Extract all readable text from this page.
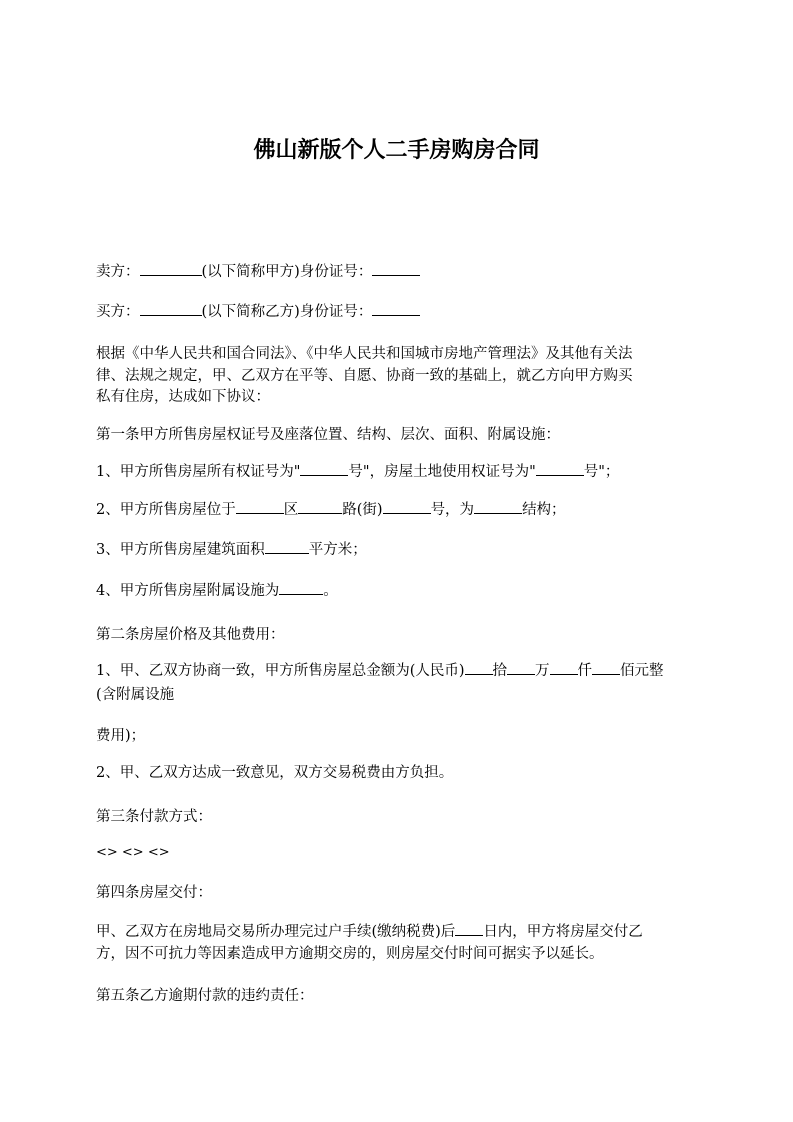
佛山新版个人二手房购房合同
卖方：	(以下简称甲方)身份证号：
买方：	(以下简称乙方)身份证号：
根据《中华人民共和国合同法》、《中华人民共和国城市房地产管理法》及其他有关法
律、法规之规定，甲、乙双方在平等、自愿、协商一致的基础上，就乙方向甲方购买
私有住房，达成如下协议：
第一条甲方所售房屋权证号及座落位置、结构、层次、面积、附属设施：
1、甲方所售房屋所有权证号为"	号"，房屋土地使用权证号为"	号"；
2、甲方所售房屋位于	区	路(街)	号，为	结构；
3、甲方所售房屋建筑面积	平方米；
4、甲方所售房屋附属设施为	。
第二条房屋价格及其他费用：
1、甲、乙双方协商一致，甲方所售房屋总金额为(人民币) 拾 万 仟 佰元整
(含附属设施
费用)；
2、甲、乙双方达成一致意见，双方交易税费由方负担。
第三条付款方式：
<> <> <>
第四条房屋交付：
甲、乙双方在房地局交易所办理完过户手续(缴纳税费)后 日内，甲方将房屋交付乙
方，因不可抗力等因素造成甲方逾期交房的，则房屋交付时间可据实予以延长。
第五条乙方逾期付款的违约责任：
